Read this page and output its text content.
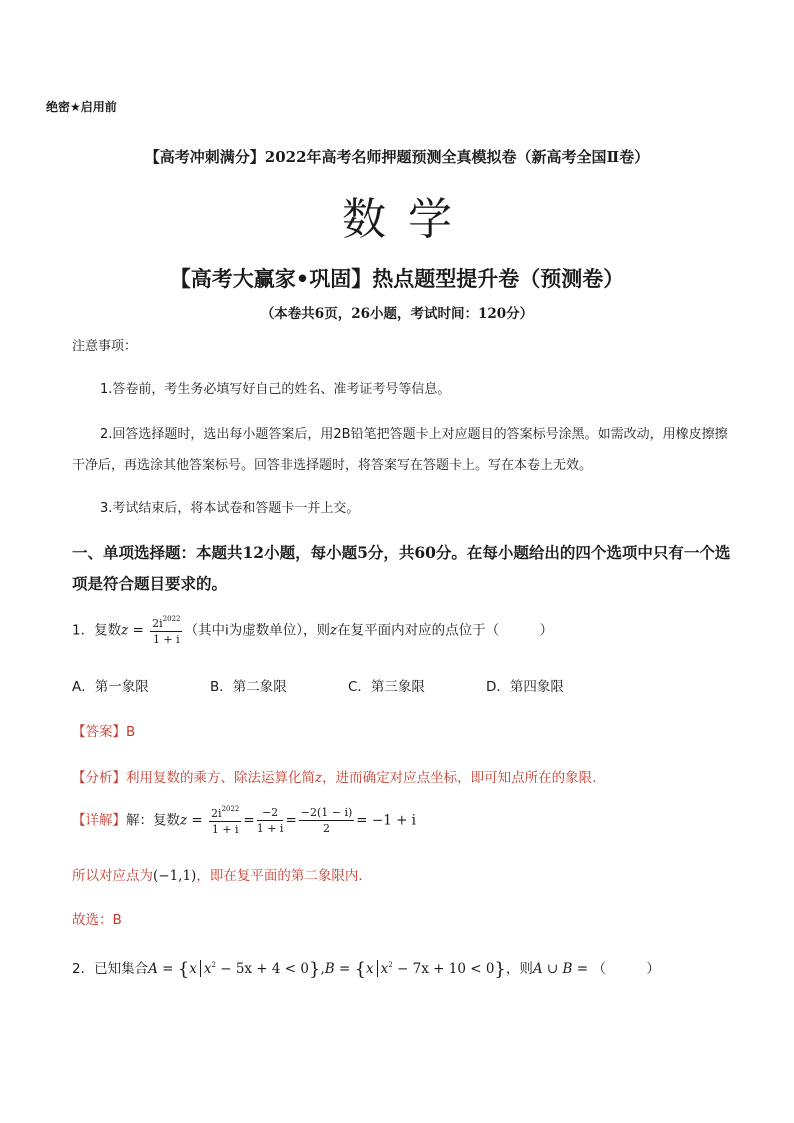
绝密★启用前
【高考冲刺满分】2022年高考名师押题预测全真模拟卷（新高考全国Ⅱ卷）
数学
【高考大赢家•巩固】热点题型提升卷（预测卷）
（本卷共6页，26小题，考试时间：120分）
注意事项：
1.答卷前，考生务必填写好自己的姓名、准考证考号等信息。
2.回答选择题时，选出每小题答案后，用2B铅笔把答题卡上对应题目的答案标号涂黑。如需改动，用橡皮擦擦干净后，再选涂其他答案标号。回答非选择题时，将答案写在答题卡上。写在本卷上无效。
3.考试结束后，将本试卷和答题卡一并上交。
一、单项选择题：本题共12小题，每小题5分，共60分。在每小题给出的四个选项中只有一个选项是符合题目要求的。
1．复数$z = \frac{2i^{2022}}{1 + i}$ （其中i为虚数单位），则z在复平面内对应的点位于（　　　）
A．第一象限	B．第二象限	C．第三象限	D．第四象限
【答案】B
【分析】利用复数的乘方、除法运算化简z，进而确定对应点坐标，即可知点所在的象限.
【详解】解：复数$z = \frac{2i^{2022}}{1 + i} = \frac{-2}{1 + i} = \frac{-2(1 - i)}{2} = -1 + i$
所以对应点为(−1,1)，即在复平面的第二象限内.
故选：B
2．已知集合A = {x $x^2 - 5x + 4 < 0\},B = \{x$ $x^2 - 7x + 10 < 0$}，则A ∪ B = （　　　）
